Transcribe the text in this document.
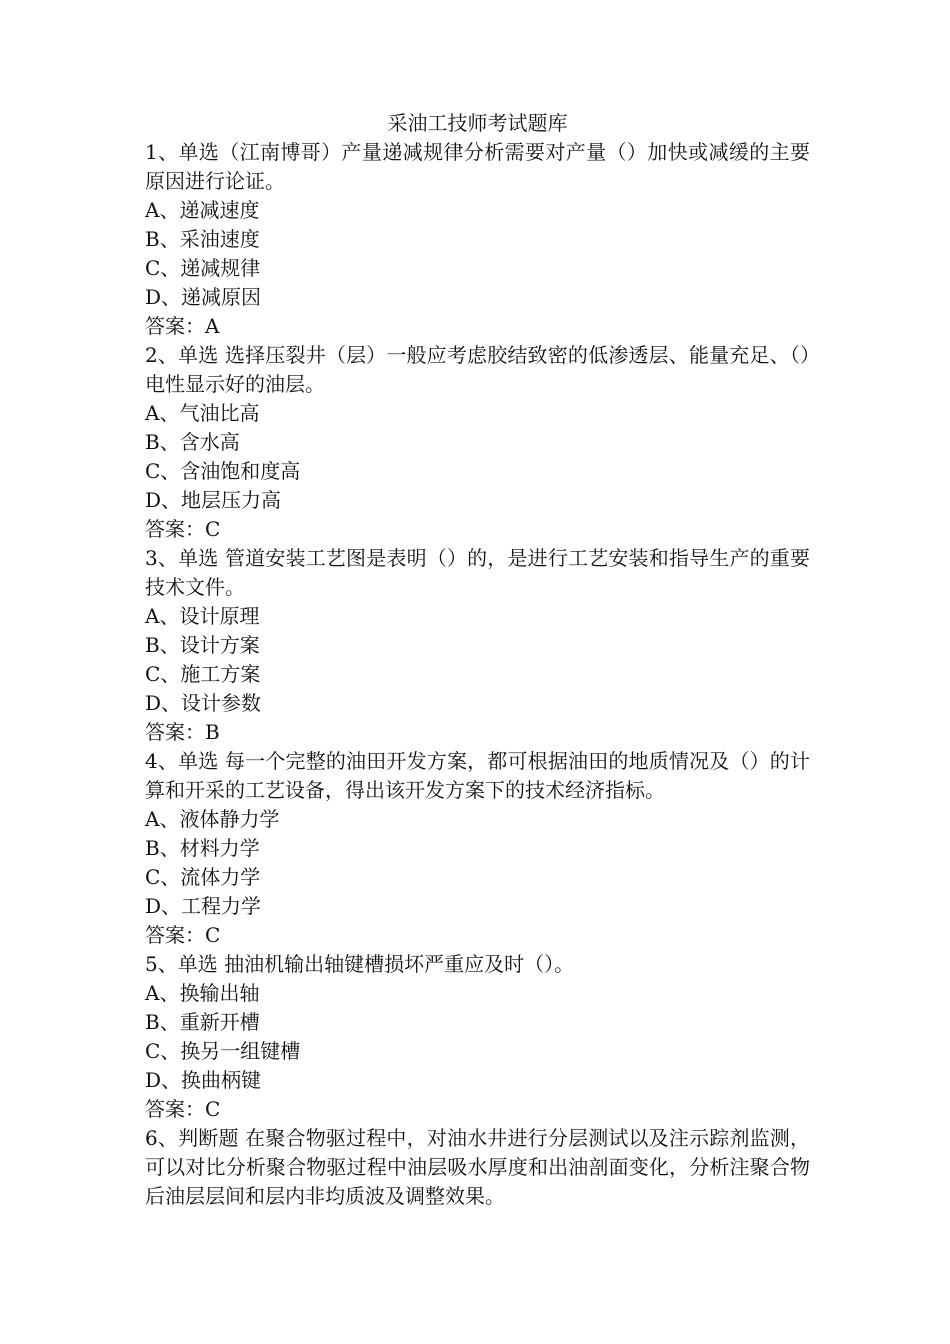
采油工技师考试题库

1、单选（江南博哥）产量递减规律分析需要对产量（）加快或减缓的主要原因进行论证。

A、递减速度

B、采油速度

C、递减规律

D、递减原因

答案：A

2、单选 选择压裂井（层）一般应考虑胶结致密的低渗透层、能量充足、（）电性显示好的油层。

A、气油比高

B、含水高

C、含油饱和度高

D、地层压力高

答案：C

3、单选 管道安装工艺图是表明（）的，是进行工艺安装和指导生产的重要技术文件。

A、设计原理

B、设计方案

C、施工方案

D、设计参数

答案：B

4、单选 每一个完整的油田开发方案，都可根据油田的地质情况及（）的计算和开采的工艺设备，得出该开发方案下的技术经济指标。

A、液体静力学

B、材料力学

C、流体力学

D、工程力学

答案：C

5、单选 抽油机输出轴键槽损坏严重应及时（）。

A、换输出轴

B、重新开槽

C、换另一组键槽

D、换曲柄键

答案：C

6、判断题 在聚合物驱过程中，对油水井进行分层测试以及注示踪剂监测，可以对比分析聚合物驱过程中油层吸水厚度和出油剖面变化，分析注聚合物后油层层间和层内非均质波及调整效果。
